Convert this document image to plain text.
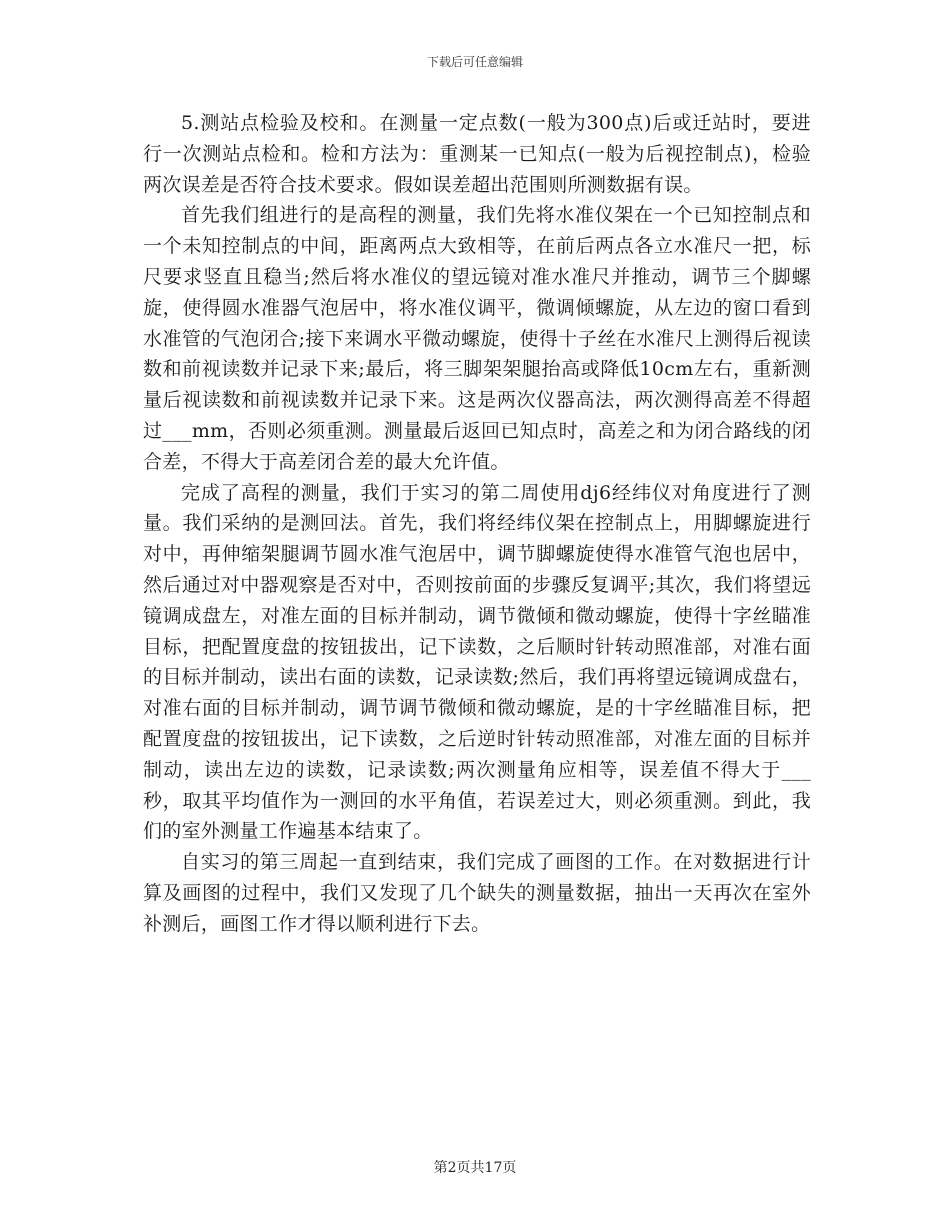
下载后可任意编辑

5.测站点检验及校和。在测量一定点数(一般为300点)后或迁站时，要进行一次测站点检和。检和方法为：重测某一已知点(一般为后视控制点)，检验两次误差是否符合技术要求。假如误差超出范围则所测数据有误。

首先我们组进行的是高程的测量，我们先将水准仪架在一个已知控制点和一个未知控制点的中间，距离两点大致相等，在前后两点各立水准尺一把，标尺要求竖直且稳当;然后将水准仪的望远镜对准水准尺并推动，调节三个脚螺旋，使得圆水准器气泡居中，将水准仪调平，微调倾螺旋，从左边的窗口看到水准管的气泡闭合;接下来调水平微动螺旋，使得十子丝在水准尺上测得后视读数和前视读数并记录下来;最后，将三脚架架腿抬高或降低10cm左右，重新测量后视读数和前视读数并记录下来。这是两次仪器高法，两次测得高差不得超过___mm，否则必须重测。测量最后返回已知点时，高差之和为闭合路线的闭合差，不得大于高差闭合差的最大允许值。

完成了高程的测量，我们于实习的第二周使用dj6经纬仪对角度进行了测量。我们采纳的是测回法。首先，我们将经纬仪架在控制点上，用脚螺旋进行对中，再伸缩架腿调节圆水准气泡居中，调节脚螺旋使得水准管气泡也居中，然后通过对中器观察是否对中，否则按前面的步骤反复调平;其次，我们将望远镜调成盘左，对准左面的目标并制动，调节微倾和微动螺旋，使得十字丝瞄准目标，把配置度盘的按钮拔出，记下读数，之后顺时针转动照准部，对准右面的目标并制动，读出右面的读数，记录读数;然后，我们再将望远镜调成盘右，对准右面的目标并制动，调节调节微倾和微动螺旋，是的十字丝瞄准目标，把配置度盘的按钮拔出，记下读数，之后逆时针转动照准部，对准左面的目标并制动，读出左边的读数，记录读数;两次测量角应相等，误差值不得大于___秒，取其平均值作为一测回的水平角值，若误差过大，则必须重测。到此，我们的室外测量工作遍基本结束了。

自实习的第三周起一直到结束，我们完成了画图的工作。在对数据进行计算及画图的过程中，我们又发现了几个缺失的测量数据，抽出一天再次在室外补测后，画图工作才得以顺利进行下去。

第2页共17页
